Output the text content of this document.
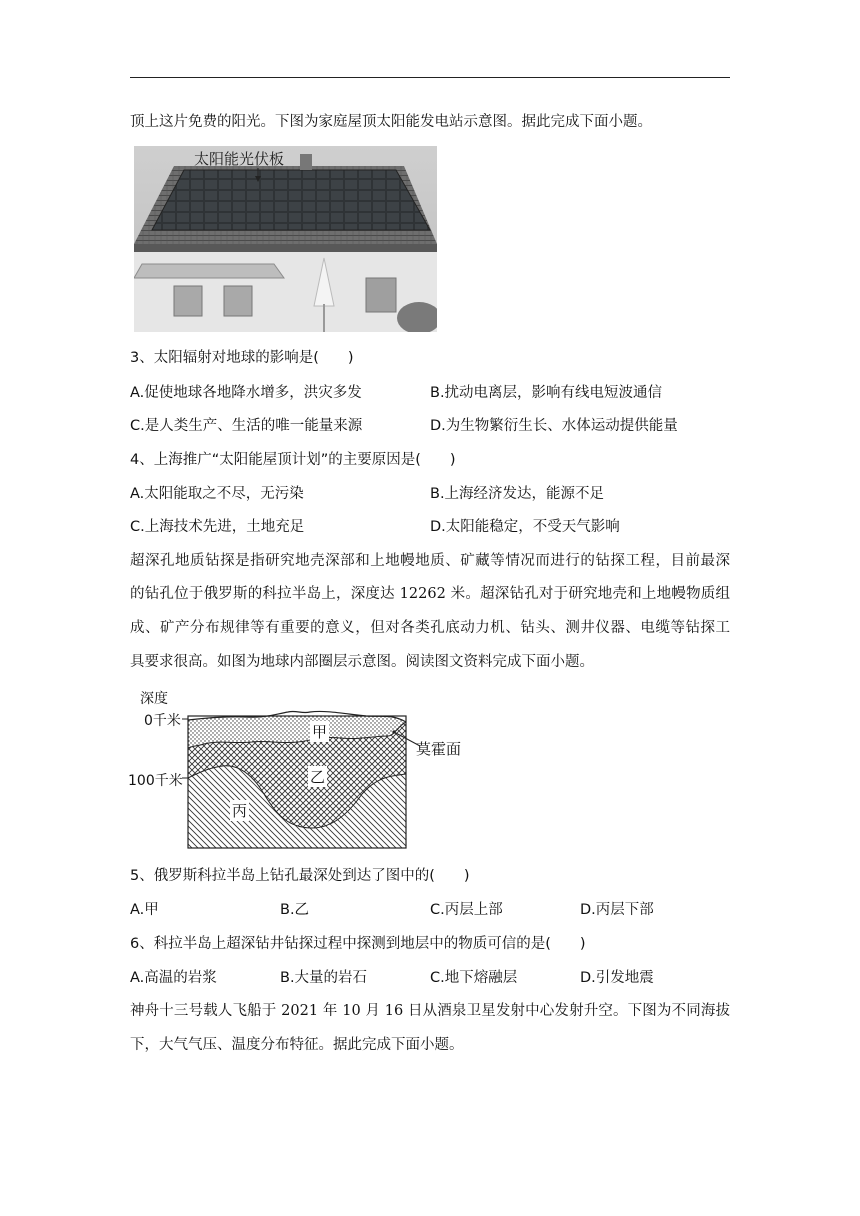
顶上这片免费的阳光。下图为家庭屋顶太阳能发电站示意图。据此完成下面小题。
太阳能光伏板
3、太阳辐射对地球的影响是(　　)
A.促使地球各地降水增多，洪灾多发	B.扰动电离层，影响有线电短波通信
C.是人类生产、生活的唯一能量来源	D.为生物繁衍生长、水体运动提供能量
4、上海推广“太阳能屋顶计划”的主要原因是(　　)
A.太阳能取之不尽，无污染	B.上海经济发达，能源不足
C.上海技术先进，土地充足	D.太阳能稳定，不受天气影响
超深孔地质钻探是指研究地壳深部和上地幔地质、矿藏等情况而进行的钻探工程，目前最深
的钻孔位于俄罗斯的科拉半岛上，深度达 12262 米。超深钻孔对于研究地壳和上地幔物质组
成、矿产分布规律等有重要的意义，但对各类孔底动力机、钻头、测井仪器、电缆等钻探工
具要求很高。如图为地球内部圈层示意图。阅读图文资料完成下面小题。
深度
0千米
100千米
甲
乙
丙
莫霍面
5、俄罗斯科拉半岛上钻孔最深处到达了图中的(　　)
A.甲	B.乙	C.丙层上部	D.丙层下部
6、科拉半岛上超深钻井钻探过程中探测到地层中的物质可信的是(　　)
A.高温的岩浆	B.大量的岩石	C.地下熔融层	D.引发地震
神舟十三号载人飞船于 2021 年 10 月 16 日从酒泉卫星发射中心发射升空。下图为不同海拔
下，大气气压、温度分布特征。据此完成下面小题。
